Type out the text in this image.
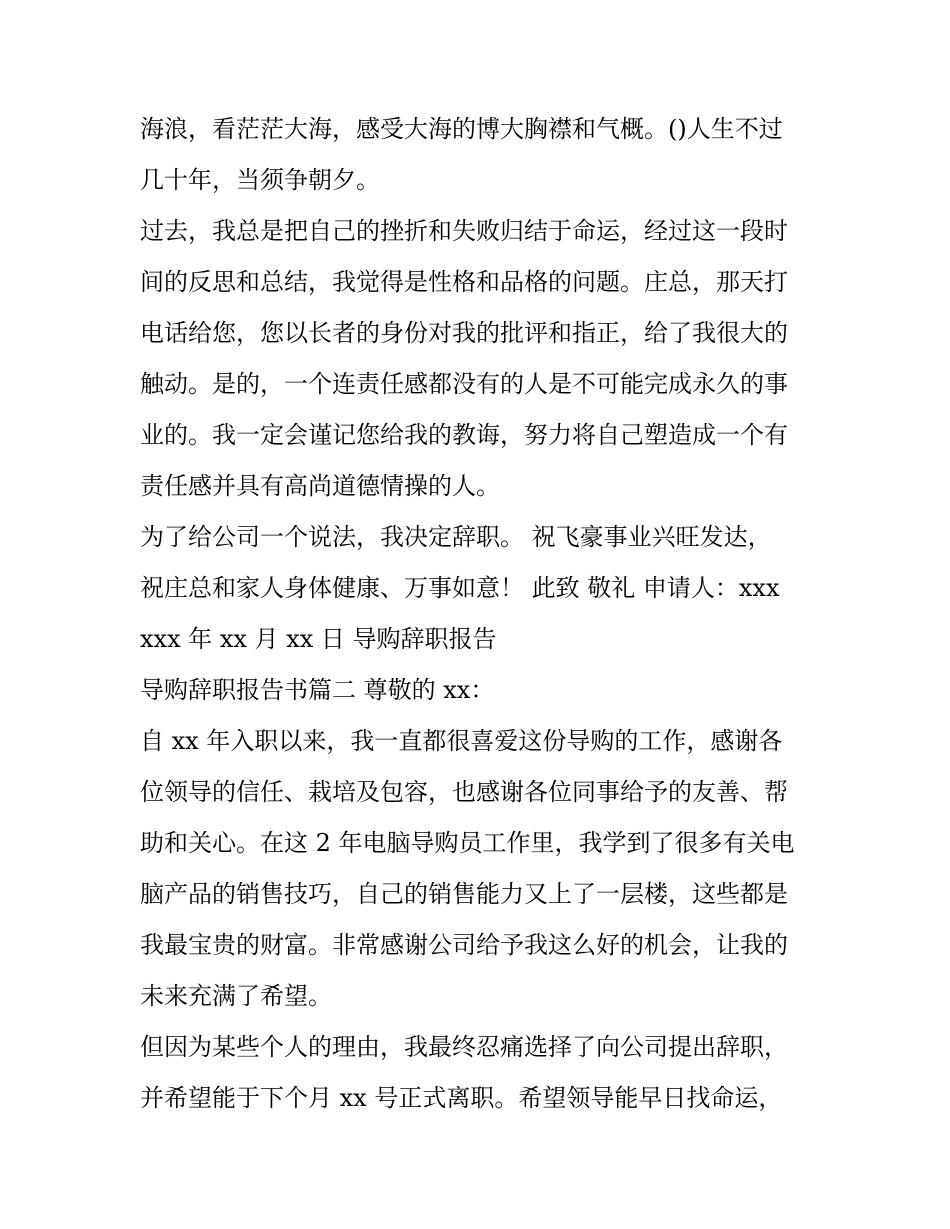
海浪，看茫茫大海，感受大海的博大胸襟和气概。()人生不过
几十年，当须争朝夕。
过去，我总是把自己的挫折和失败归结于命运，经过这一段时
间的反思和总结，我觉得是性格和品格的问题。庄总，那天打
电话给您，您以长者的身份对我的批评和指正，给了我很大的
触动。是的，一个连责任感都没有的人是不可能完成永久的事
业的。我一定会谨记您给我的教诲，努力将自己塑造成一个有
责任感并具有高尚道德情操的人。
为了给公司一个说法，我决定辞职。 祝飞豪事业兴旺发达，
祝庄总和家人身体健康、万事如意！ 此致 敬礼 申请人：xxx
xxx 年 xx 月 xx 日 导购辞职报告
导购辞职报告书篇二 尊敬的 xx：
自 xx 年入职以来，我一直都很喜爱这份导购的工作，感谢各
位领导的信任、栽培及包容，也感谢各位同事给予的友善、帮
助和关心。在这 2 年电脑导购员工作里，我学到了很多有关电
脑产品的销售技巧，自己的销售能力又上了一层楼，这些都是
我最宝贵的财富。非常感谢公司给予我这么好的机会，让我的
未来充满了希望。
但因为某些个人的理由，我最终忍痛选择了向公司提出辞职，
并希望能于下个月 xx 号正式离职。希望领导能早日找命运，
